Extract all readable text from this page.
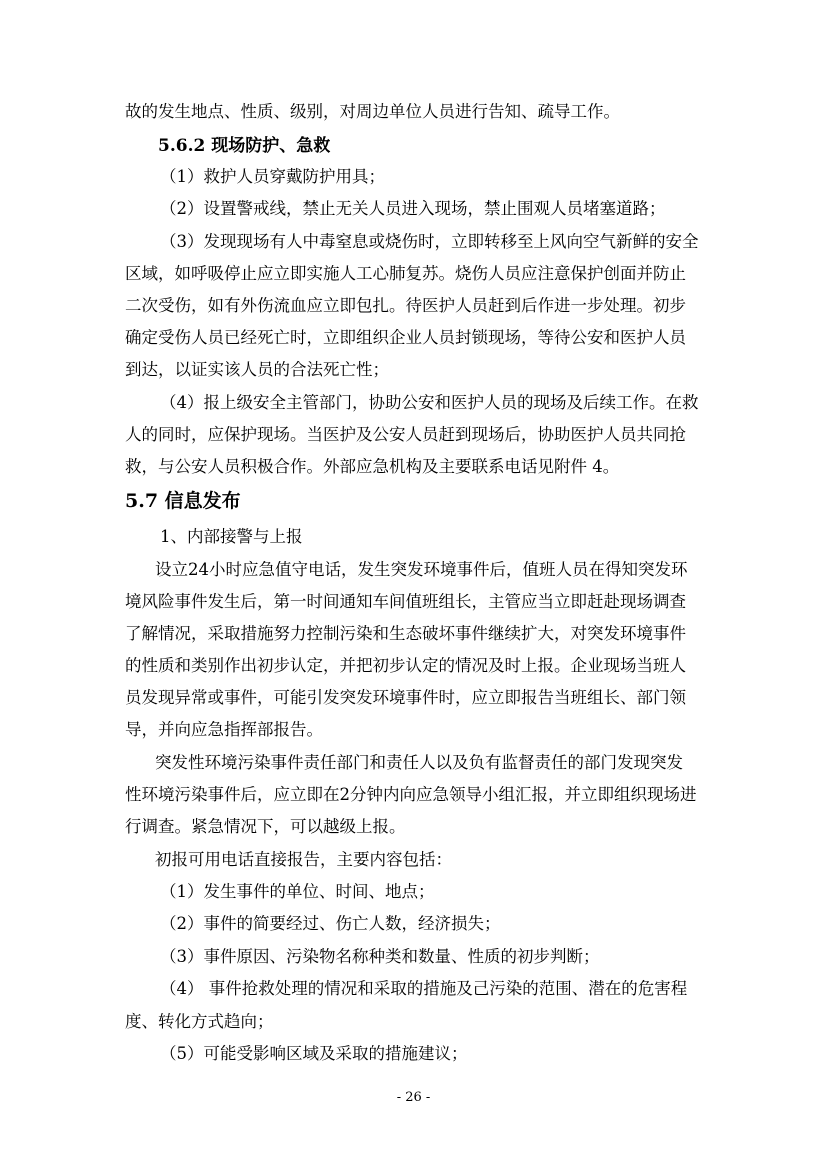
故的发生地点、性质、级别，对周边单位人员进行告知、疏导工作。
5.6.2 现场防护、急救
（1）救护人员穿戴防护用具；
（2）设置警戒线，禁止无关人员进入现场，禁止围观人员堵塞道路；
（3）发现现场有人中毒窒息或烧伤时，立即转移至上风向空气新鲜的安全
区域，如呼吸停止应立即实施人工心肺复苏。烧伤人员应注意保护创面并防止
二次受伤，如有外伤流血应立即包扎。待医护人员赶到后作进一步处理。初步
确定受伤人员已经死亡时，立即组织企业人员封锁现场，等待公安和医护人员
到达，以证实该人员的合法死亡性；
（4）报上级安全主管部门，协助公安和医护人员的现场及后续工作。在救
人的同时，应保护现场。当医护及公安人员赶到现场后，协助医护人员共同抢
救，与公安人员积极合作。外部应急机构及主要联系电话见附件 4。
5.7 信息发布
1、内部接警与上报
设立24小时应急值守电话，发生突发环境事件后，值班人员在得知突发环
境风险事件发生后，第一时间通知车间值班组长，主管应当立即赶赴现场调查
了解情况，采取措施努力控制污染和生态破坏事件继续扩大，对突发环境事件
的性质和类别作出初步认定，并把初步认定的情况及时上报。企业现场当班人
员发现异常或事件，可能引发突发环境事件时，应立即报告当班组长、部门领
导，并向应急指挥部报告。
突发性环境污染事件责任部门和责任人以及负有监督责任的部门发现突发
性环境污染事件后，应立即在2分钟内向应急领导小组汇报，并立即组织现场进
行调查。紧急情况下，可以越级上报。
初报可用电话直接报告，主要内容包括：
（1）发生事件的单位、时间、地点；
（2）事件的简要经过、伤亡人数，经济损失；
（3）事件原因、污染物名称种类和数量、性质的初步判断；
（4） 事件抢救处理的情况和采取的措施及己污染的范围、潜在的危害程
度、转化方式趋向；
（5）可能受影响区域及采取的措施建议；
- 26 -
